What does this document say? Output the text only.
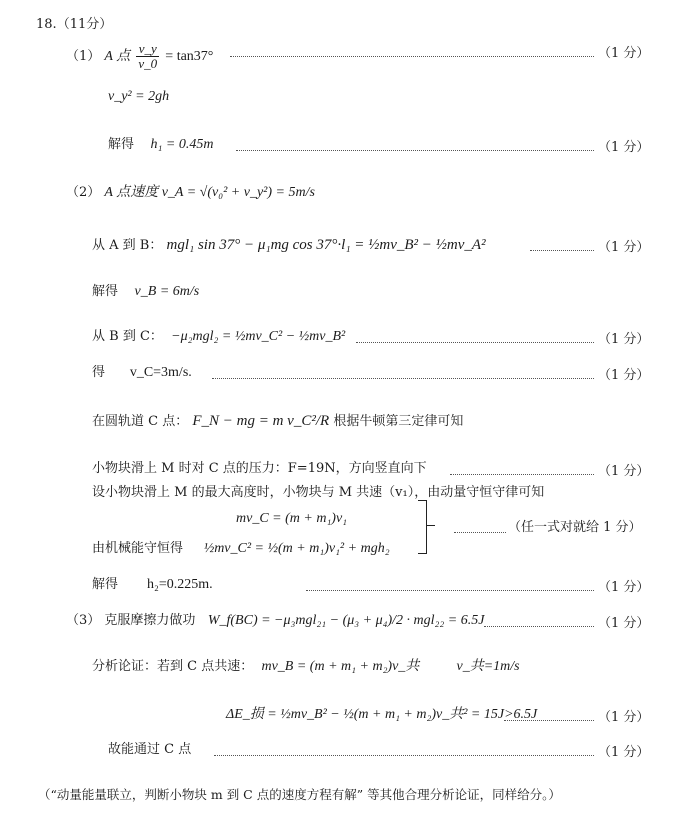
18.（11分）
（1） A 点 $\frac{v\_y}{v\_0} = \tan 37^\circ$	（1 分）
v_y² = 2gh
解得 h₁ = 0.45m	（1 分）
（2） A 点速度 v_A = √(v₀² + v_y²) = 5m/s
从 A 到 B： mgl₁ sin 37° − μ₁mg cos 37°·l₁ = ½mv_B² − ½mv_A²	（1 分）
解得 v_B = 6m/s
从 B 到 C： −μ₂mgl₂ = ½mv_C² − ½mv_B²	（1 分）
得 v_C=3m/s.	（1 分）
在圆轨道 C 点： F_N − mg = m v_C²/R 根据牛顿第三定律可知
小物块滑上 M 时对 C 点的压力：F=19N，方向竖直向下	（1 分）
设小物块滑上 M 的最大高度时，小物块与 M 共速（v₁），由动量守恒守律可知
mv_C = (m + m₁)v₁
由机械能守恒得 ½mv_C² = ½(m + m₁)v₁² + mgh₂
（任一式对就给 1 分）
解得 h₂=0.225m.	（1 分）
（3） 克服摩擦力做功 W_f(BC) = −μ₃mgl₂₁ − (μ₃ + μ₄)/2 · mgl₂₂ = 6.5J	（1 分）
分析论证：若到 C 点共速： mv_B = (m + m₁ + m₂)v_共	v_共=1m/s
ΔE_损 = ½mv_B² − ½(m + m₁ + m₂)v_共² = 15J>6.5J	（1 分）
故能通过 C 点	（1 分）
（“动量能量联立，判断小物块 m 到 C 点的速度方程有解” 等其他合理分析论证，同样给分。）
